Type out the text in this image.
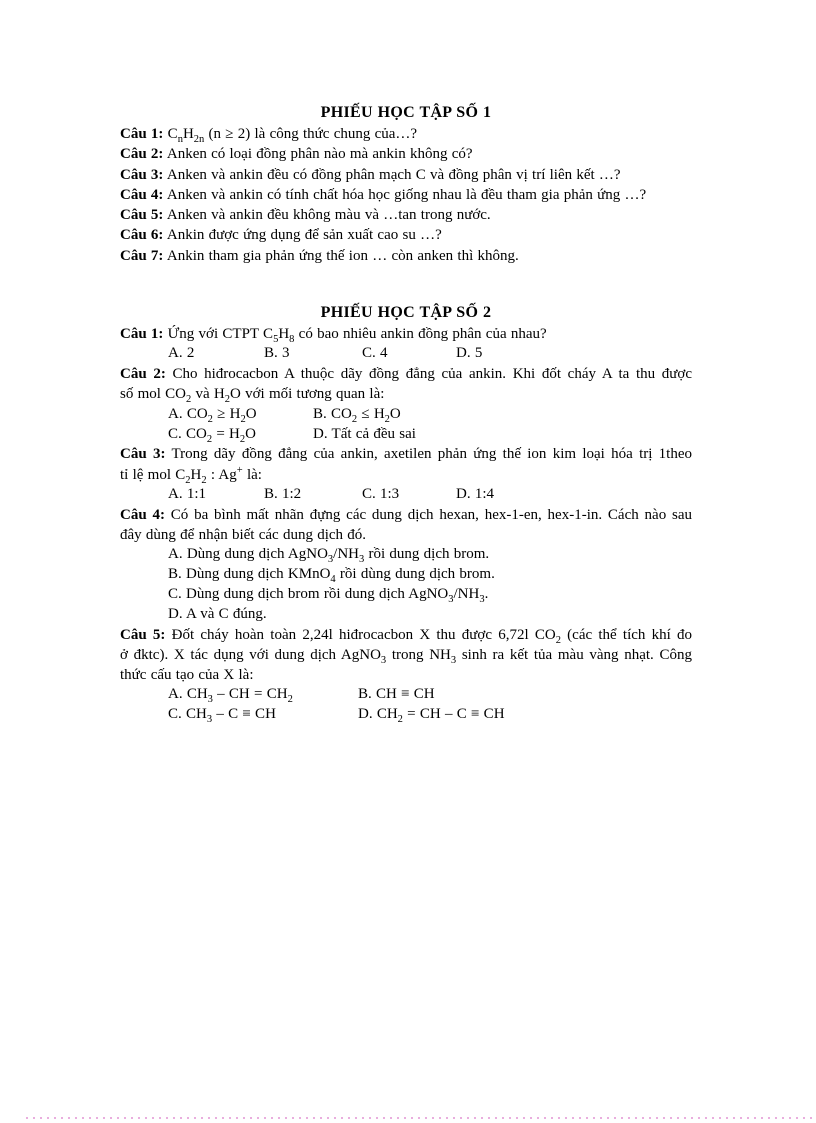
PHIẾU HỌC TẬP SỐ 1
Câu 1: $C_nH_{2n}$ (n ≥ 2) là công thức chung của…?
Câu 2: Anken có loại đồng phân nào mà ankin không có?
Câu 3: Anken và ankin đều có đồng phân mạch C và đồng phân vị trí liên kết …?
Câu 4: Anken và ankin có tính chất hóa học giống nhau là đều tham gia phản ứng …?
Câu 5: Anken và ankin đều không màu và …tan trong nước.
Câu 6: Ankin được ứng dụng để sản xuất cao su …?
Câu 7: Ankin tham gia phản ứng thế ion … còn anken thì không.
PHIẾU HỌC TẬP SỐ 2
Câu 1: Ứng với CTPT $C_5H_8$ có bao nhiêu ankin đồng phân của nhau?
A. 2	B. 3	C. 4	D. 5
Câu 2: Cho hiđrocacbon A thuộc dãy đồng đẳng của ankin. Khi đốt cháy A ta thu được
số mol $CO_2$ và $H_2O$ với mối tương quan là:
A. $CO_2 \ge H_2O$	B. $CO_2 \le H_2O$
C. $CO_2 = H_2O$	D. Tất cả đều sai
Câu 3: Trong dãy đồng đẳng của ankin, axetilen phản ứng thế ion kim loại hóa trị 1theo
tỉ lệ mol $C_2H_2$ : Ag+ là:
A. 1:1	B. 1:2	C. 1:3	D. 1:4
Câu 4: Có ba bình mất nhãn đựng các dung dịch hexan, hex-1-en, hex-1-in. Cách nào sau
đây dùng để nhận biết các dung dịch đó.
A. Dùng dung dịch $AgNO_3/NH_3$ rồi dung dịch brom.
B. Dùng dung dịch KMnO$_4$ rồi dùng dung dịch brom.
C. Dùng dung dịch brom rồi dung dịch $AgNO_3/NH_3$.
D. A và C đúng.
Câu 5: Đốt cháy hoàn toàn 2,24l hiđrocacbon X thu được 6,72l $CO_2$ (các thể tích khí đo
ở đktc). X tác dụng với dung dịch AgNO$_3$ trong $NH_3$ sinh ra kết tủa màu vàng nhạt. Công
thức cấu tạo của X là:
A. $CH_3$ – CH = $CH_2$	B. CH ≡ CH
C. $CH_3$ – C ≡ CH	D. $CH_2$ = CH – C ≡ CH
